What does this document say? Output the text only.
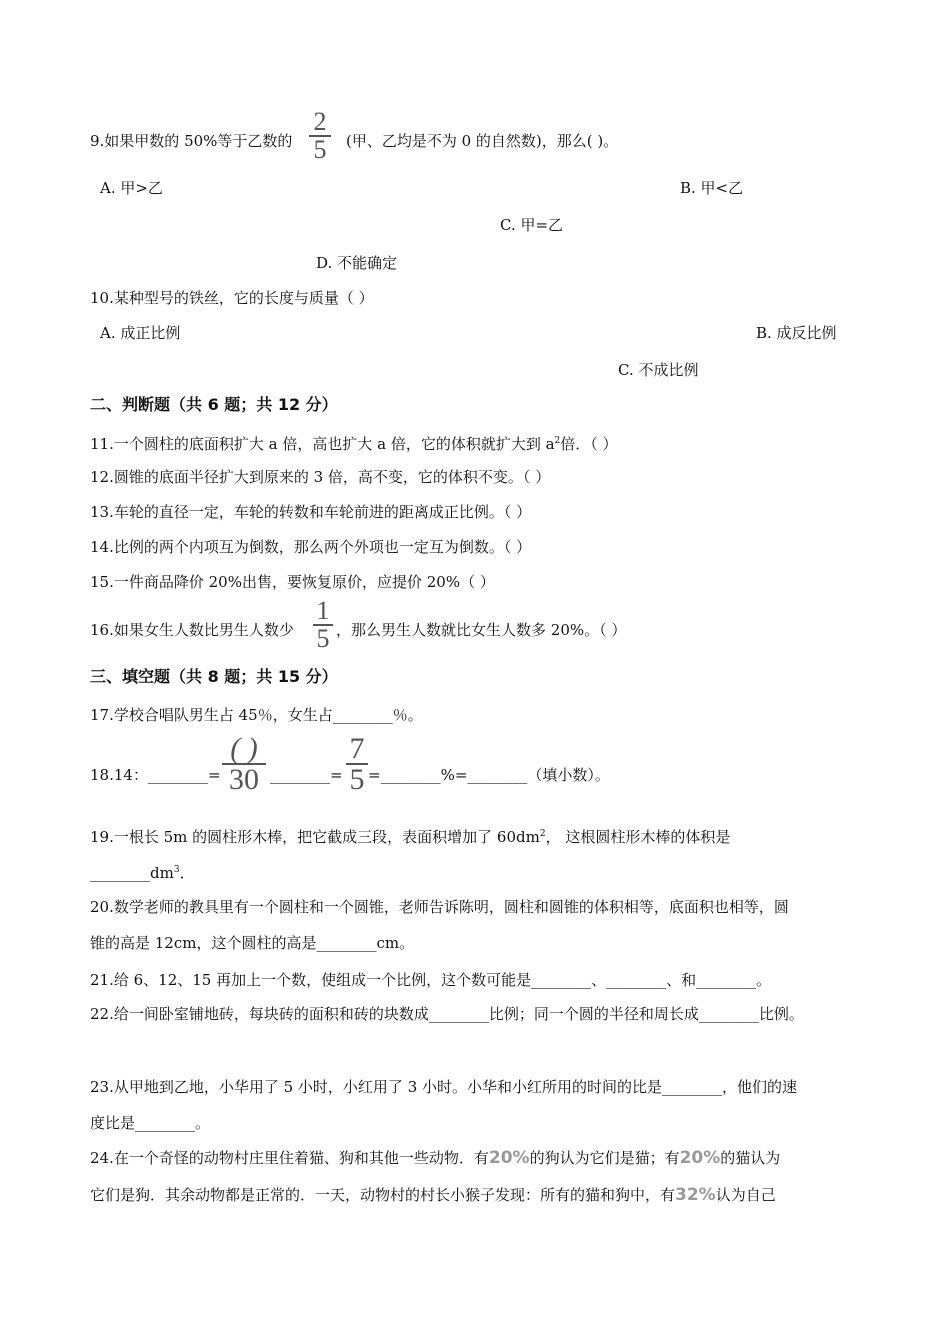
9.如果甲数的 50%等于乙数的
2
5	(甲、乙均是不为 0 的自然数)，那么( )。
A. 甲>乙	B. 甲<乙
C. 甲=乙
D. 不能确定
10.某种型号的铁丝，它的长度与质量（ ）
A. 成正比例	B. 成反比例
C. 不成比例
二、判断题（共 6 题；共 12 分）
11.一个圆柱的底面积扩大 a 倍，高也扩大 a 倍，它的体积就扩大到 $a^2$倍．（ ）
12.圆锥的底面半径扩大到原来的 3 倍，高不变，它的体积不变。（ ）
13.车轮的直径一定，车轮的转数和车轮前进的距离成正比例。（ ）
14.比例的两个内项互为倒数，那么两个外项也一定互为倒数。（ ）
15.一件商品降价 20%出售，要恢复原价，应提价 20%（ ）
16.如果女生人数比男生人数少
1
5 ，那么男生人数就比女生人数多 20%。（ ）
三、填空题（共 8 题；共 15 分）
17.学校合唱队男生占 45％，女生占________％。
18.14：________=
( )
30 ________=
7
5 =________%=________（填小数）。
19.一根长 5m 的圆柱形木棒，把它截成三段，表面积增加了 $60dm^2$， 这根圆柱形木棒的体积是
$\_\_\_\_\_\_\_\_dm^3$．
20.数学老师的教具里有一个圆柱和一个圆锥，老师告诉陈明，圆柱和圆锥的体积相等，底面积也相等，圆
锥的高是 12cm，这个圆柱的高是________cm。
21.给 6、12、15 再加上一个数，使组成一个比例，这个数可能是________、________、和________。
22.给一间卧室铺地砖，每块砖的面积和砖的块数成________比例；同一个圆的半径和周长成________比例。
23.从甲地到乙地，小华用了 5 小时，小红用了 3 小时。小华和小红所用的时间的比是________，他们的速
度比是________。
24.在一个奇怪的动物村庄里住着猫、狗和其他一些动物．有20%的狗认为它们是猫；有20%的猫认为
它们是狗．其余动物都是正常的．一天，动物村的村长小猴子发现：所有的猫和狗中，有32%认为自己
